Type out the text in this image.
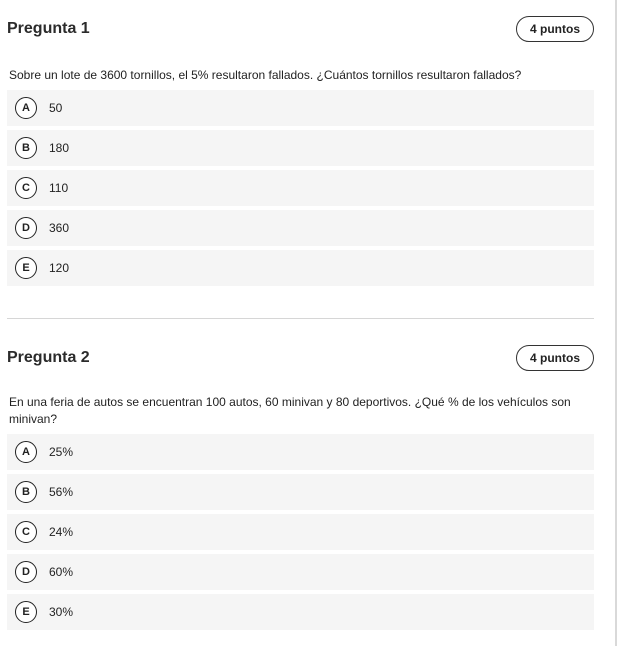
Pregunta 1	4 puntos

Sobre un lote de 3600 tornillos, el 5% resultaron fallados. ¿Cuántos tornillos resultaron fallados?

A	50
B	180
C	110
D	360
E	120
Pregunta 2	4 puntos

En una feria de autos se encuentran 100 autos, 60 minivan y 80 deportivos. ¿Qué % de los vehículos son minivan?

A	25%
B	56%
C	24%
D	60%
E	30%
